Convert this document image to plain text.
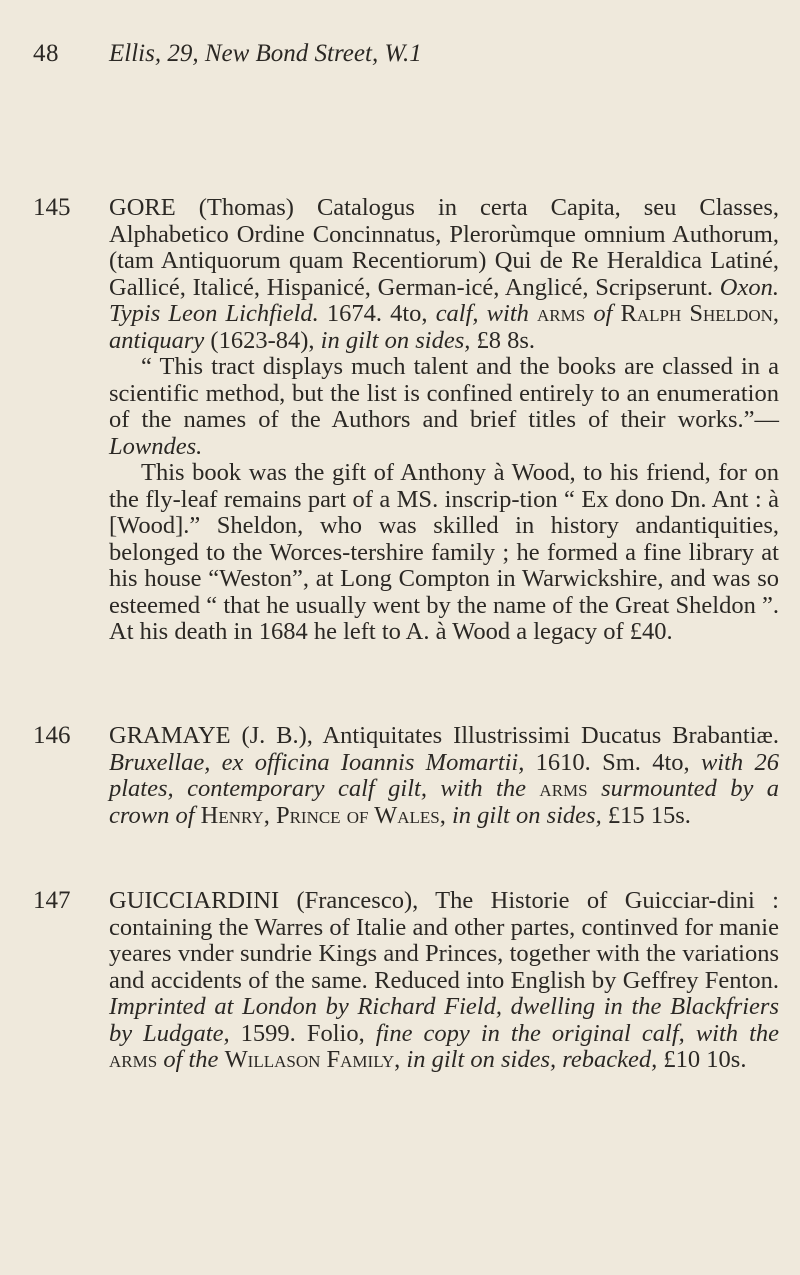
48 Ellis, 29, New Bond Street, W.1
145 GORE (Thomas) Catalogus in certa Capita, seu Classes, Alphabetico Ordine Concinnatus, Plerorùmque omnium Authorum, (tam Antiquorum quam Recentiorum) Qui de Re Heraldica Latiné, Gallicé, Italicé, Hispanicé, German-icé, Anglicé, Scripserunt. Oxon. Typis Leon Lichfield. 1674. 4to, calf, with arms of Ralph Sheldon, antiquary (1623-84), in gilt on sides, £8 8s.

“ This tract displays much talent and the books are classed in a scientific method, but the list is confined entirely to an enumeration of the names of the Authors and brief titles of their works.”—Lowndes.

This book was the gift of Anthony à Wood, to his friend, for on the fly-leaf remains part of a MS. inscrip-tion “ Ex dono Dn. Ant : à [Wood].” Sheldon, who was skilled in history andantiquities, belonged to the Worces-tershire family ; he formed a fine library at his house “Weston”, at Long Compton in Warwickshire, and was so esteemed “ that he usually went by the name of the Great Sheldon ”. At his death in 1684 he left to A. à Wood a legacy of £40.

146 GRAMAYE (J. B.), Antiquitates Illustrissimi Ducatus Brabantiæ. Bruxellae, ex officina Ioannis Momartii, 1610. Sm. 4to, with 26 plates, contemporary calf gilt, with the arms surmounted by a crown of Henry, Prince of Wales, in gilt on sides, £15 15s.

147 GUICCIARDINI (Francesco), The Historie of Guicciar-dini : containing the Warres of Italie and other partes, continved for manie yeares vnder sundrie Kings and Princes, together with the variations and accidents of the same. Reduced into English by Geffrey Fenton. Imprinted at London by Richard Field, dwelling in the Blackfriers by Ludgate, 1599. Folio, fine copy in the original calf, with the arms of the Willason Family, in gilt on sides, rebacked, £10 10s.
